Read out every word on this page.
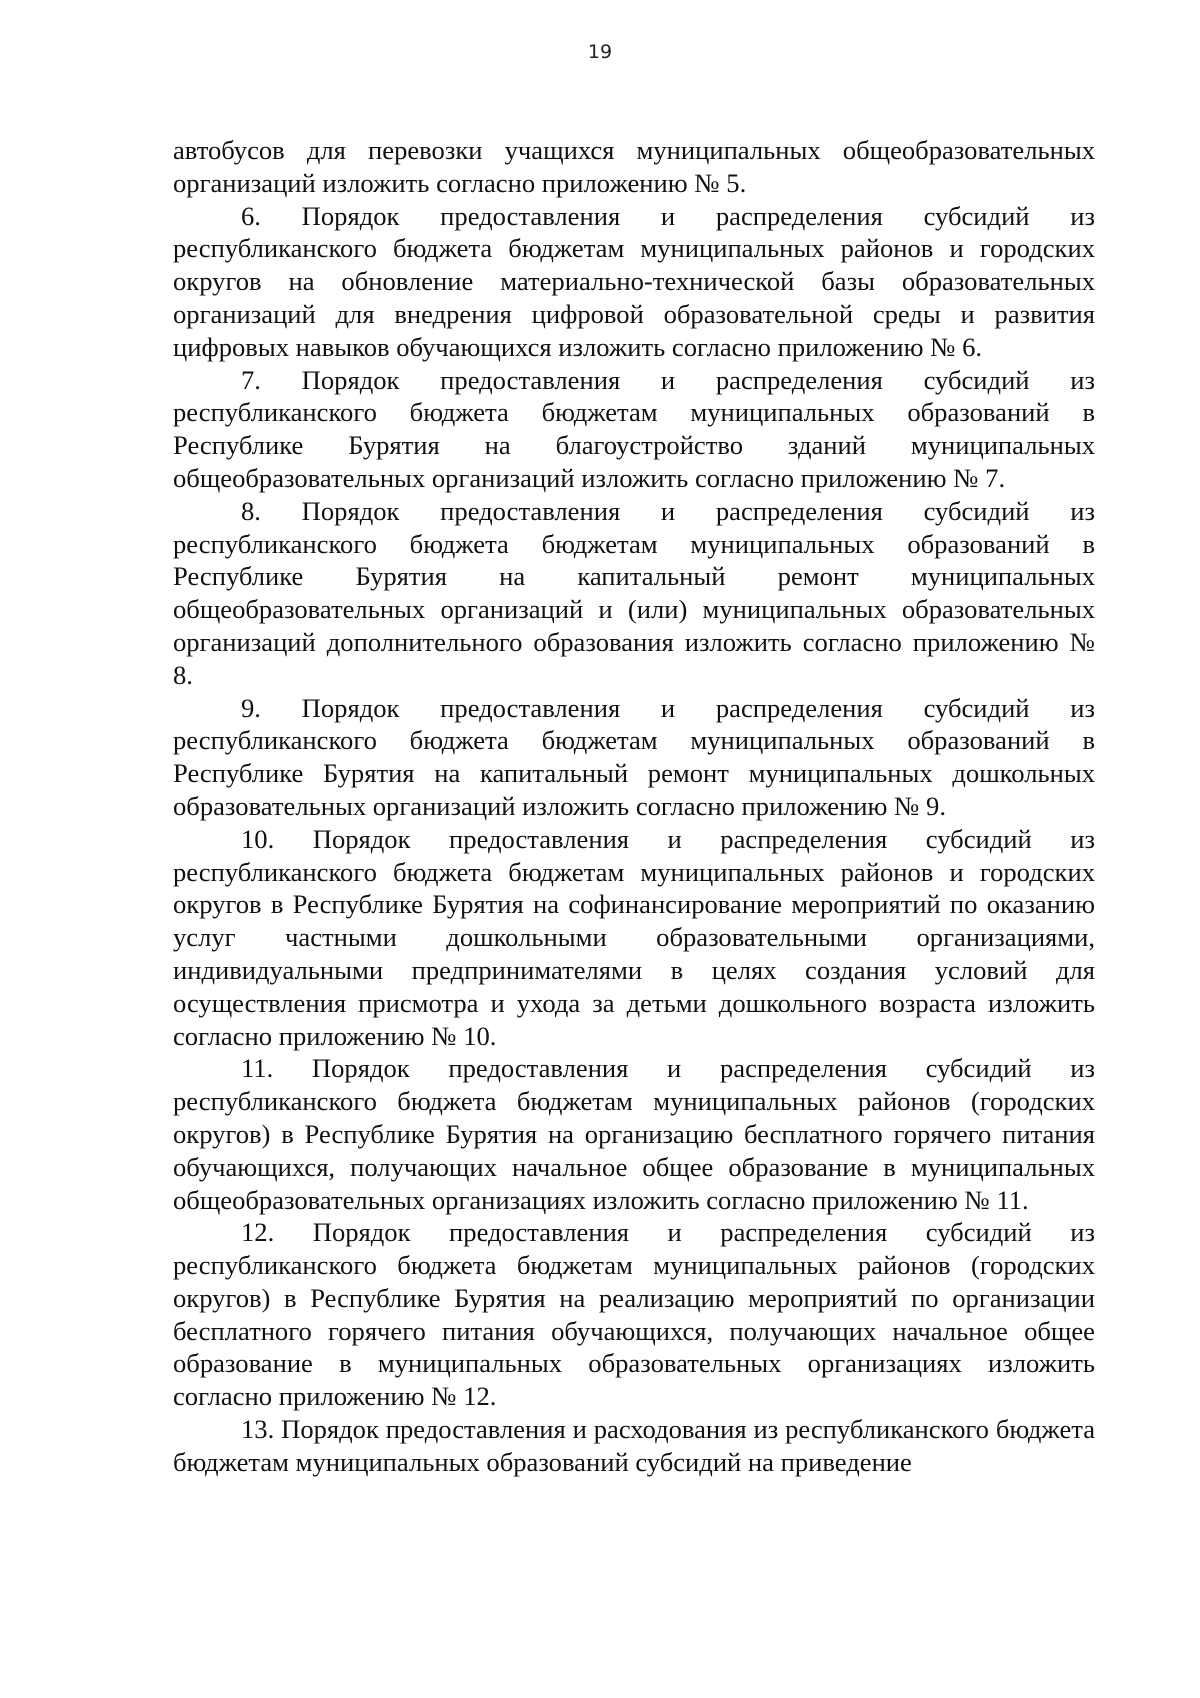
19

автобусов для перевозки учащихся муниципальных общеобразовательных организаций изложить согласно приложению № 5.

6. Порядок предоставления и распределения субсидий из республиканского бюджета бюджетам муниципальных районов и городских округов на обновление материально-технической базы образовательных организаций для внедрения цифровой образовательной среды и развития цифровых навыков обучающихся изложить согласно приложению № 6.

7. Порядок предоставления и распределения субсидий из республиканского бюджета бюджетам муниципальных образований в Республике Бурятия на благоустройство зданий муниципальных общеобразовательных организаций изложить согласно приложению № 7.

8. Порядок предоставления и распределения субсидий из республиканского бюджета бюджетам муниципальных образований в Республике Бурятия на капитальный ремонт муниципальных общеобразовательных организаций и (или) муниципальных образовательных организаций дополнительного образования изложить согласно приложению № 8.

9. Порядок предоставления и распределения субсидий из республиканского бюджета бюджетам муниципальных образований в Республике Бурятия на капитальный ремонт муниципальных дошкольных образовательных организаций изложить согласно приложению № 9.

10. Порядок предоставления и распределения субсидий из республиканского бюджета бюджетам муниципальных районов и городских округов в Республике Бурятия на софинансирование мероприятий по оказанию услуг частными дошкольными образовательными организациями, индивидуальными предпринимателями в целях создания условий для осуществления присмотра и ухода за детьми дошкольного возраста изложить согласно приложению № 10.

11. Порядок предоставления и распределения субсидий из республиканского бюджета бюджетам муниципальных районов (городских округов) в Республике Бурятия на организацию бесплатного горячего питания обучающихся, получающих начальное общее образование в муниципальных общеобразовательных организациях изложить согласно приложению № 11.

12. Порядок предоставления и распределения субсидий из республиканского бюджета бюджетам муниципальных районов (городских округов) в Республике Бурятия на реализацию мероприятий по организации бесплатного горячего питания обучающихся, получающих начальное общее образование в муниципальных образовательных организациях изложить согласно приложению № 12.

13. Порядок предоставления и расходования из республиканского бюджета бюджетам муниципальных образований субсидий на приведение
